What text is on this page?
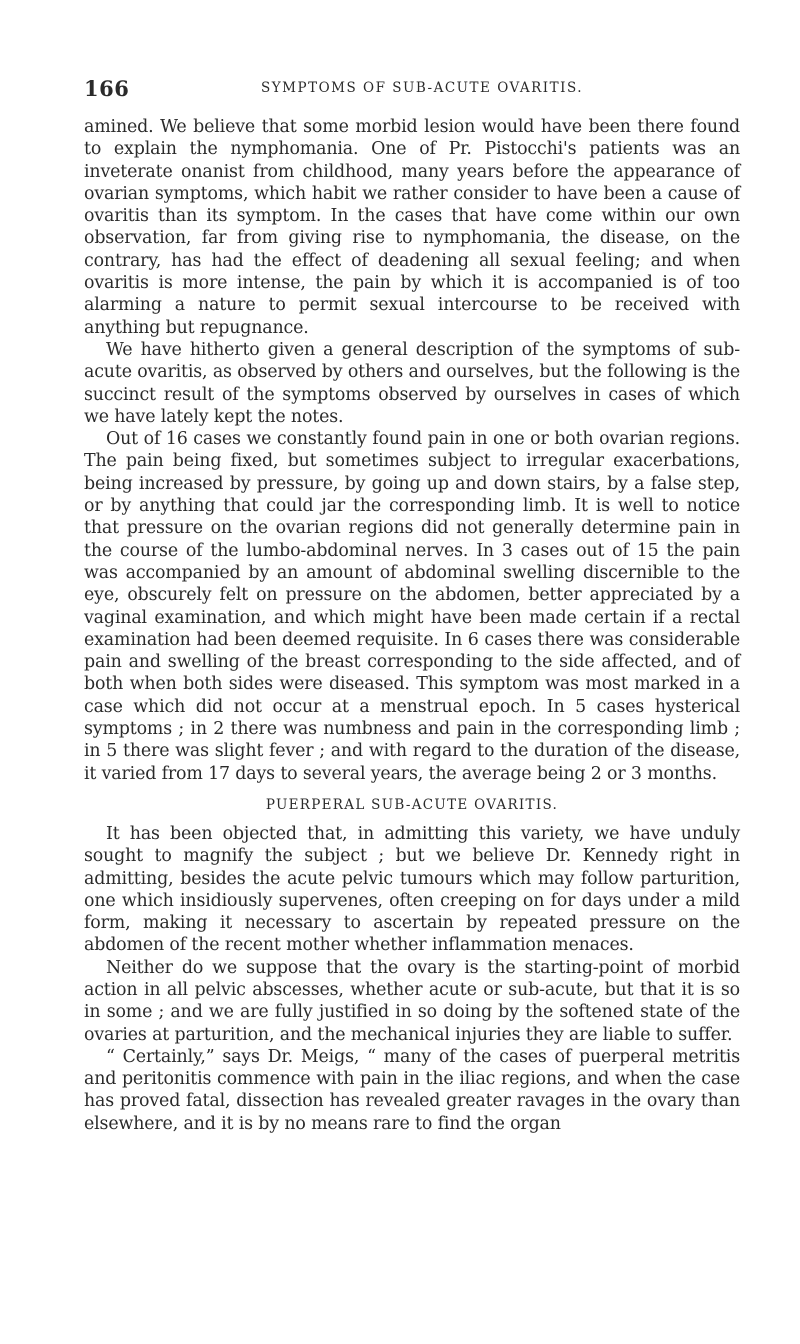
166	SYMPTOMS OF SUB-ACUTE OVARITIS.

amined. We believe that some morbid lesion would have been there found to explain the nymphomania. One of Pr. Pistocchi's patients was an inveterate onanist from childhood, many years before the appearance of ovarian symptoms, which habit we rather consider to have been a cause of ovaritis than its symptom. In the cases that have come within our own observation, far from giving rise to nymphomania, the disease, on the contrary, has had the effect of deadening all sexual feeling; and when ovaritis is more intense, the pain by which it is accompanied is of too alarming a nature to permit sexual intercourse to be received with anything but repugnance.

We have hitherto given a general description of the symptoms of sub-acute ovaritis, as observed by others and ourselves, but the following is the succinct result of the symptoms observed by ourselves in cases of which we have lately kept the notes.

Out of 16 cases we constantly found pain in one or both ovarian regions. The pain being fixed, but sometimes subject to irregular exacerbations, being increased by pressure, by going up and down stairs, by a false step, or by anything that could jar the corresponding limb. It is well to notice that pressure on the ovarian regions did not generally determine pain in the course of the lumbo-abdominal nerves. In 3 cases out of 15 the pain was accompanied by an amount of abdominal swelling discernible to the eye, obscurely felt on pressure on the abdomen, better appreciated by a vaginal examination, and which might have been made certain if a rectal examination had been deemed requisite. In 6 cases there was considerable pain and swelling of the breast corresponding to the side affected, and of both when both sides were diseased. This symptom was most marked in a case which did not occur at a menstrual epoch. In 5 cases hysterical symptoms ; in 2 there was numbness and pain in the corresponding limb ; in 5 there was slight fever ; and with regard to the duration of the disease, it varied from 17 days to several years, the average being 2 or 3 months.

PUERPERAL SUB-ACUTE OVARITIS.

It has been objected that, in admitting this variety, we have unduly sought to magnify the subject ; but we believe Dr. Kennedy right in admitting, besides the acute pelvic tumours which may follow parturition, one which insidiously supervenes, often creeping on for days under a mild form, making it necessary to ascertain by repeated pressure on the abdomen of the recent mother whether inflammation menaces.

Neither do we suppose that the ovary is the starting-point of morbid action in all pelvic abscesses, whether acute or sub-acute, but that it is so in some ; and we are fully justified in so doing by the softened state of the ovaries at parturition, and the mechanical injuries they are liable to suffer.

“ Certainly,” says Dr. Meigs, “ many of the cases of puerperal metritis and peritonitis commence with pain in the iliac regions, and when the case has proved fatal, dissection has revealed greater ravages in the ovary than elsewhere, and it is by no means rare to find the organ
